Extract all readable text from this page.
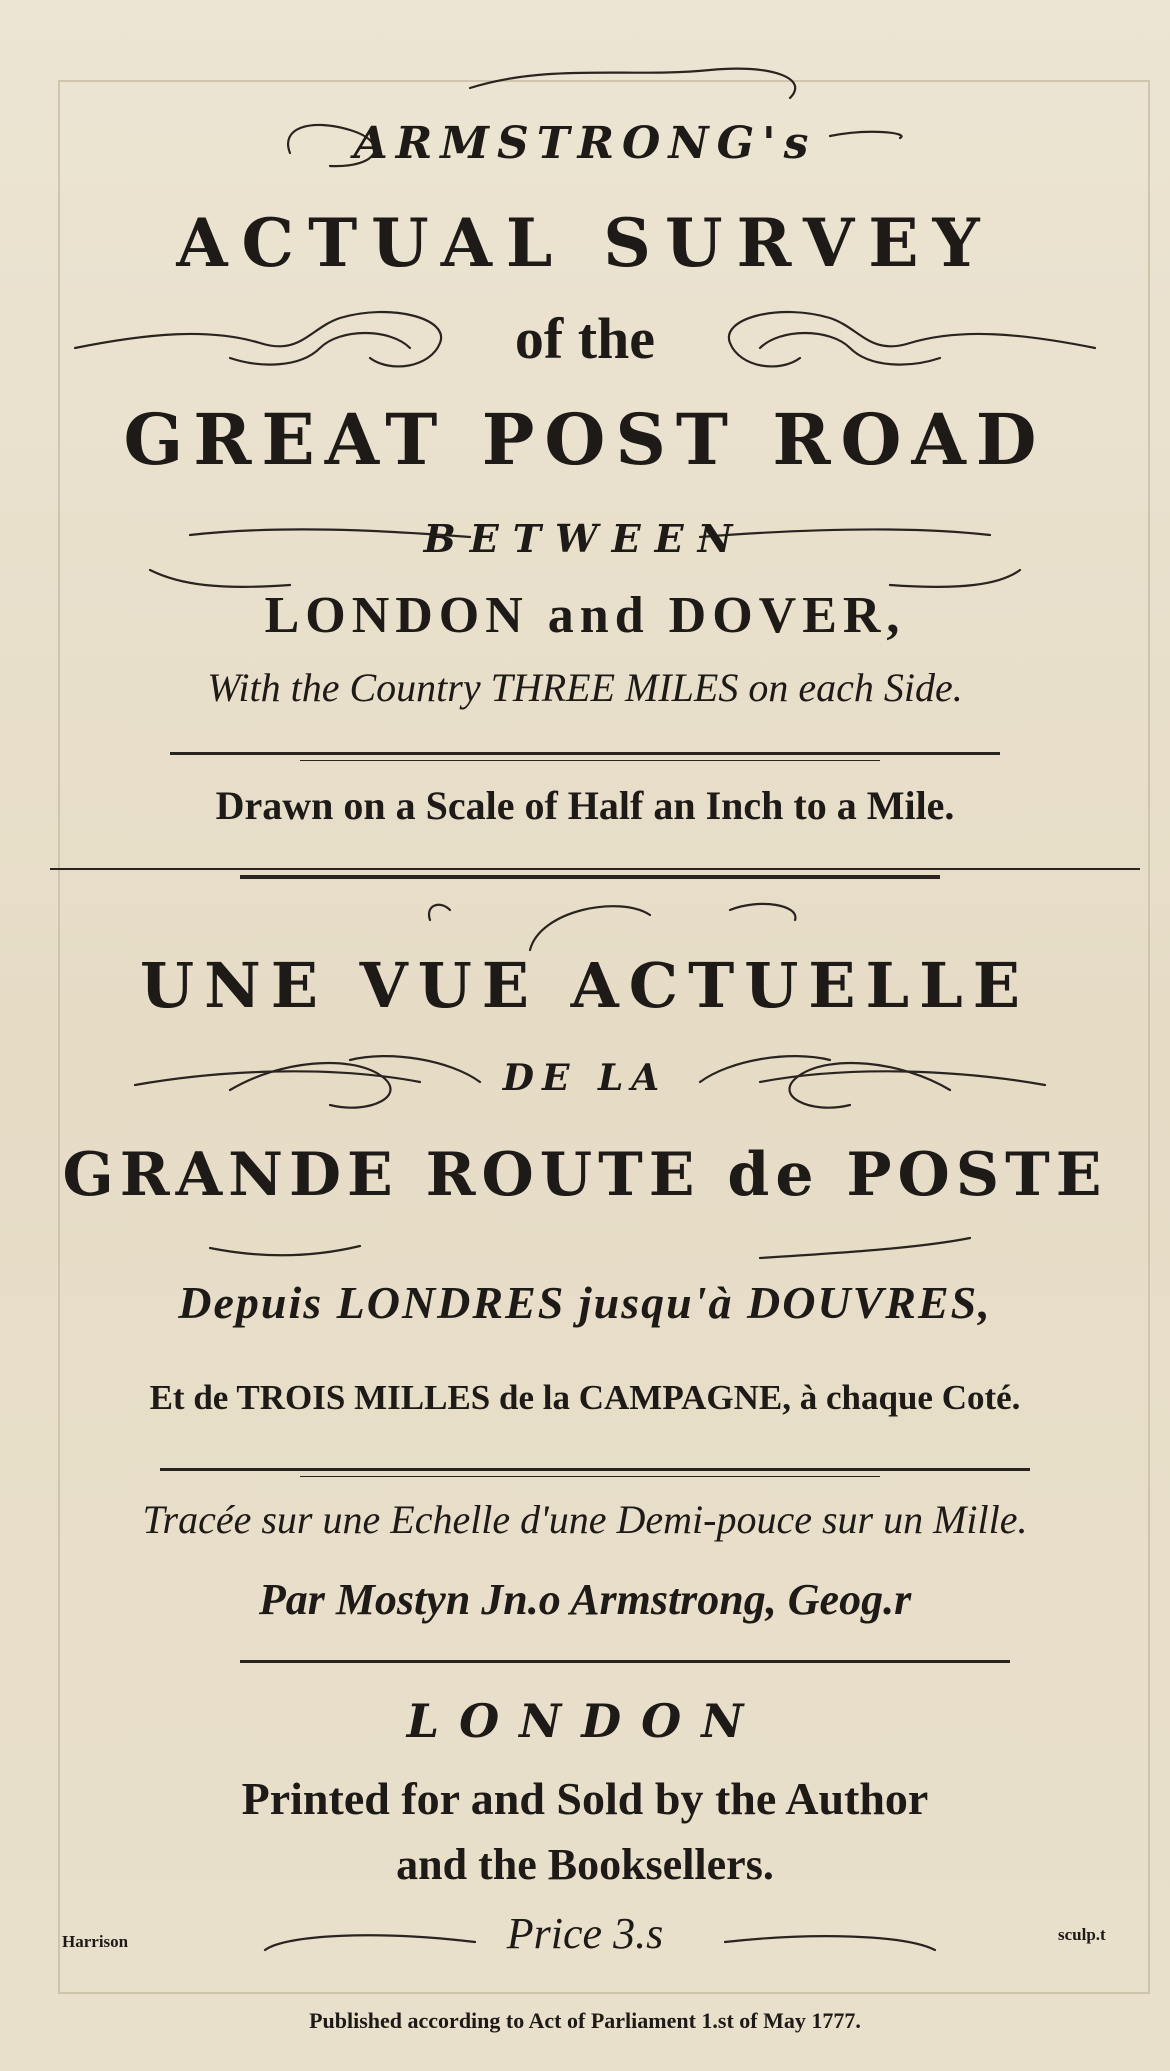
ARMSTRONG's
ACTUAL SURVEY
of the
GREAT POST ROAD
BETWEEN
LONDON and DOVER,
With the Country THREE MILES on each Side.
Drawn on a Scale of Half an Inch to a Mile.
UNE VUE ACTUELLE
DE LA
GRANDE ROUTE de POSTE
Depuis LONDRES jusqu'à DOUVRES,
Et de TROIS MILLES de la CAMPAGNE, à chaque Coté.
Tracée sur une Echelle d'une Demi-pouce sur un Mille.
Par Mostyn Jn.o Armstrong, Geog.r
LONDON
Printed for and Sold by the Author
and the Booksellers.
Price 3.s
Harrison	sculp.t
Published according to Act of Parliament 1.st of May 1777.
